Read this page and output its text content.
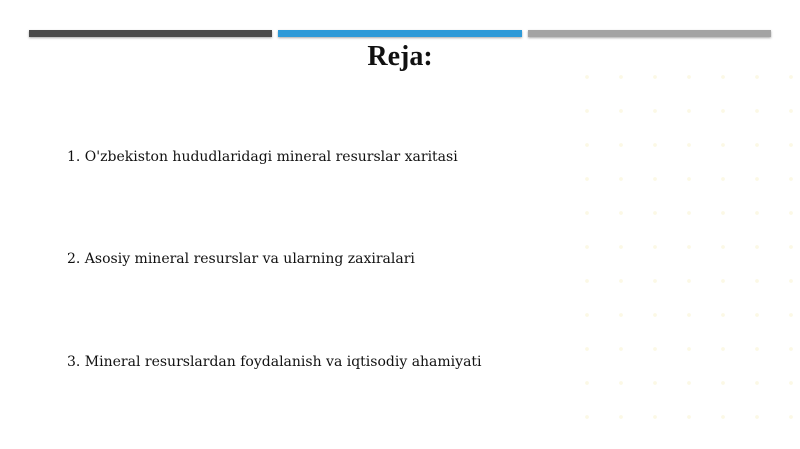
Reja:
1. O'zbekiston hududlaridagi mineral resurslar xaritasi
2. Asosiy mineral resurslar va ularning zaxiralari
3. Mineral resurslardan foydalanish va iqtisodiy ahamiyati
